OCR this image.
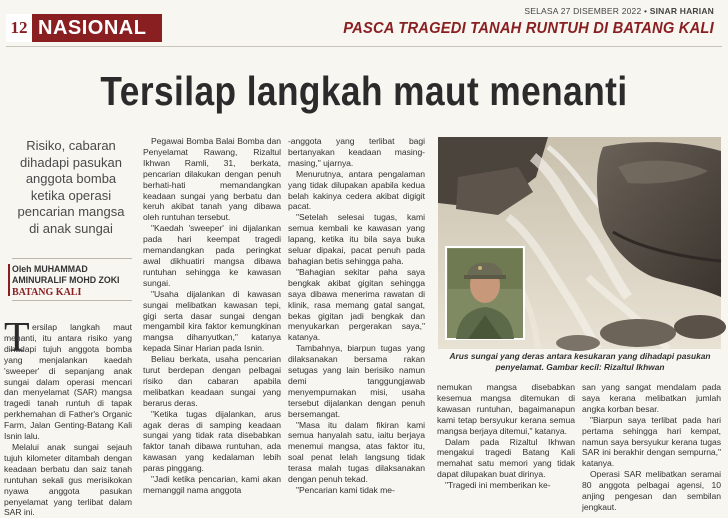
12 NASIONAL
SELASA 27 DISEMBER 2022 • SINAR HARIAN
PASCA TRAGEDI TANAH RUNTUH DI BATANG KALI
Tersilap langkah maut menanti
Risiko, cabaran dihadapi pasukan anggota bomba ketika operasi pencarian mangsa di anak sungai
Oleh MUHAMMAD
AMINURALIF MOHD ZOKI
BATANG KALI
T ersilap langkah maut menanti, itu antara risiko yang dihadapi tujuh anggota bomba yang menjalankan kaedah 'sweeper' di sepanjang anak sungai dalam operasi mencari dan menyelamat (SAR) mangsa tragedi tanah runtuh di tapak perkhemahan di Father's Organic Farm, Jalan Genting-Batang Kali Isnin lalu.

Melalui anak sungai sejauh tujuh kilometer ditambah dengan keadaan berbatu dan saiz tanah runtuhan sekali gus merisikokan nyawa anggota pasukan penyelamat yang terlibat dalam SAR ini.

Pegawai Bomba Balai Bomba dan Penyelamat Rawang, Rizaltul Ikhwan Ramli, 31, berkata, pencarian dilakukan dengan penuh berhati-hati memandangkan keadaan sungai yang berbatu dan keruh akibat tanah yang dibawa oleh runtuhan tersebut.

"Kaedah 'sweeper' ini dijalankan pada hari keempat tragedi memandangkan pada peringkat awal dikhuatiri mangsa dibawa runtuhan sehingga ke kawasan sungai.

"Usaha dijalankan di kawasan sungai melibatkan kawasan tepi, gigi serta dasar sungai dengan mengambil kira faktor kemungkinan mangsa dihanyutkan," katanya kepada Sinar Harian pada Isnin.

Beliau berkata, usaha pencarian turut berdepan dengan pelbagai risiko dan cabaran apabila melibatkan keadaan sungai yang berarus deras.

"Ketika tugas dijalankan, arus agak deras di samping keadaan sungai yang tidak rata disebabkan faktor tanah dibawa runtuhan, ada kawasan yang kedalaman lebih paras pinggang.

"Jadi ketika pencarian, kami akan memanggil nama anggota

-anggota yang terlibat bagi bertanyakan keadaan masing-masing," ujarnya.

Menurutnya, antara pengalaman yang tidak dilupakan apabila kedua belah kakinya cedera akibat digigit pacat.

"Setelah selesai tugas, kami semua kembali ke kawasan yang lapang, ketika itu bila saya buka seluar dipakai, pacat penuh pada bahagian betis sehingga paha.

"Bahagian sekitar paha saya bengkak akibat gigitan sehingga saya dibawa menerima rawatan di klinik, rasa memang gatal sangat, bekas gigitan jadi bengkak dan menyukarkan pergerakan saya," katanya.

Tambahnya, biarpun tugas yang dilaksanakan bersama rakan setugas yang lain berisiko namun demi tanggungjawab menyempurnakan misi, usaha tersebut dijalankan dengan penuh bersemangat.

"Masa itu dalam fikiran kami semua hanyalah satu, iaitu berjaya menemui mangsa, atas faktor itu, soal penat lelah langsung tidak terasa malah tugas dilaksanakan dengan penuh tekad.

"Pencarian kami tidak me-

Arus sungai yang deras antara kesukaran yang dihadapi pasukan penyelamat. Gambar kecil: Rizaltul Ikhwan

nemukan mangsa disebabkan kesemua mangsa ditemukan di kawasan runtuhan, bagaimanapun kami tetap bersyukur kerana semua mangsa berjaya ditemui," katanya.

Dalam pada Rizaltul Ikhwan mengakui tragedi Batang Kali memahat satu memori yang tidak dapat dilupakan buat dirinya.

"Tragedi ini memberikan ke-

san yang sangat mendalam pada saya kerana melibatkan jumlah angka korban besar.

"Biarpun saya terlibat pada hari pertama sehingga hari kempat, namun saya bersyukur kerana tugas SAR ini berakhir dengan sempurna," katanya.

Operasi SAR melibatkan seramai 80 anggota pelbagai agensi, 10 anjing pengesan dan sembilan jengkaut.
